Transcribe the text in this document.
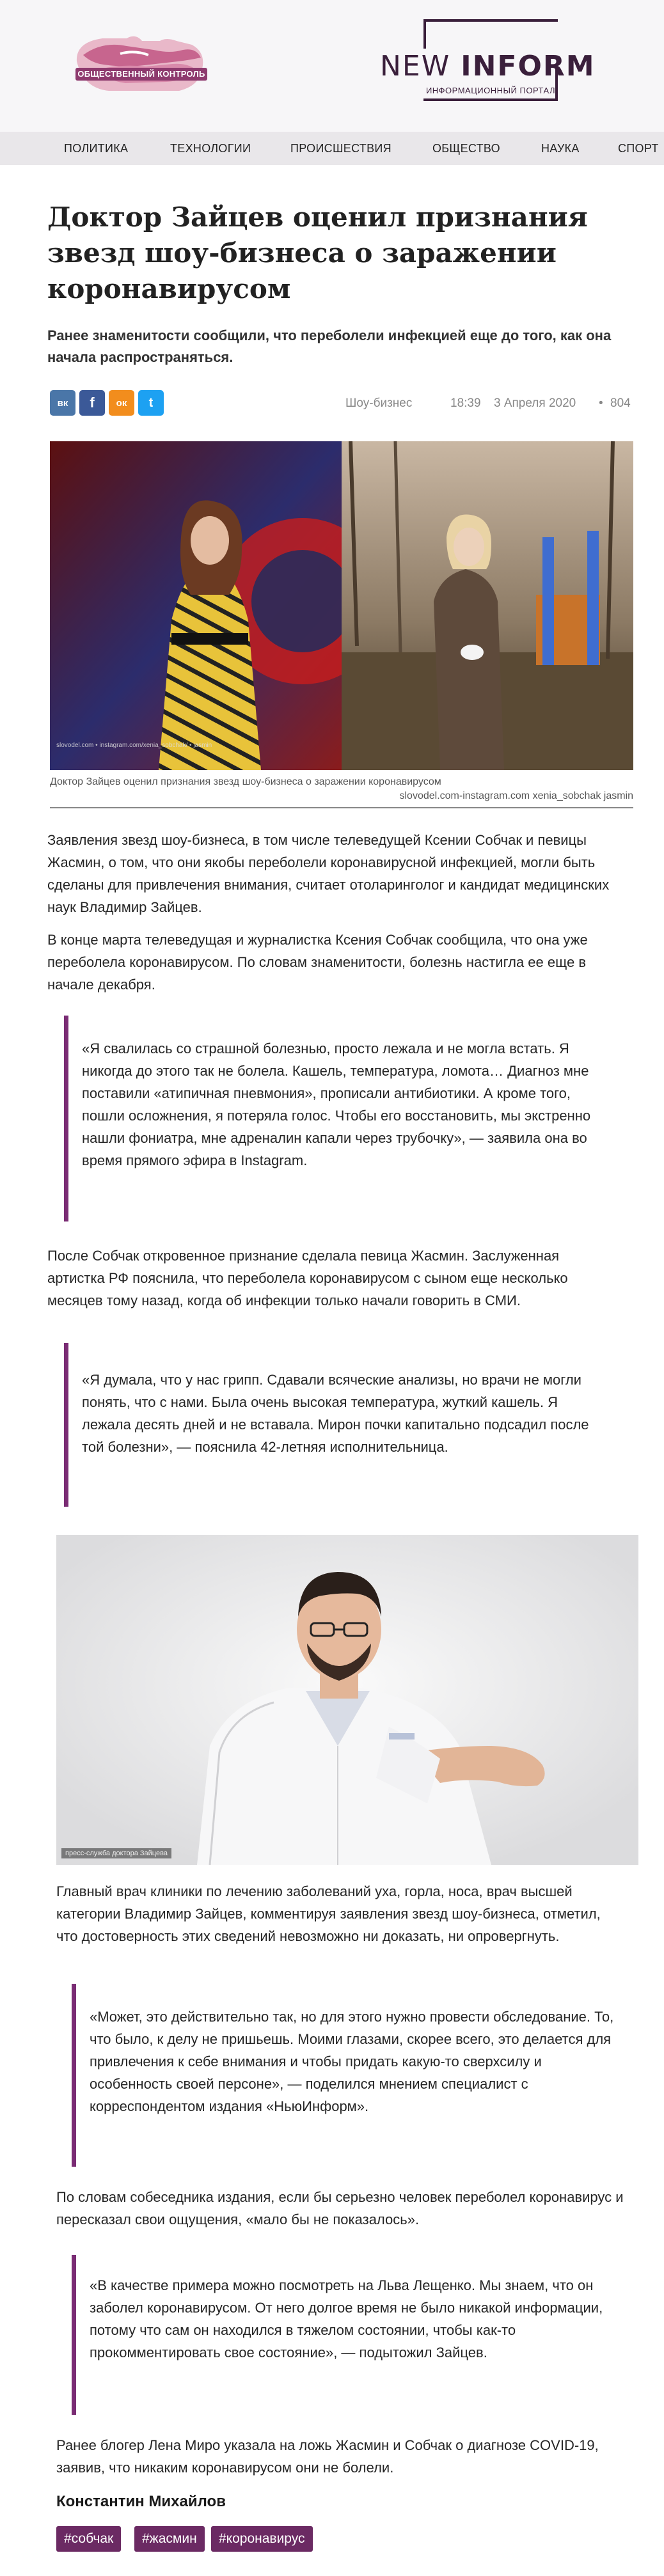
ОБЩЕСТВЕННЫЙ КОНТРОЛЬ	NEW INFORM
ИНФОРМАЦИОННЫЙ ПОРТАЛ
ПОЛИТИКА	ТЕХНОЛОГИИ	ПРОИСШЕСТВИЯ	ОБЩЕСТВО	НАУКА	СПОРТ
Доктор Зайцев оценил признания звезд шоу-бизнеса о заражении коронавирусом

Ранее знаменитости сообщили, что переболели инфекцией еще до того, как она начала распространяться.

вк f ок t	Шоу-бизнес	18:39 3 Апреля 2020 • 804
slovodel.com • instagram.com/xenia_sobchak/ • jasmin
Доктор Зайцев оценил признания звезд шоу-бизнеса о заражении коронавирусом
slovodel.com-instagram.com xenia_sobchak jasmin

Заявления звезд шоу-бизнеса, в том числе телеведущей Ксении Собчак и певицы Жасмин, о том, что они якобы переболели коронавирусной инфекцией, могли быть сделаны для привлечения внимания, считает отоларинголог и кандидат медицинских наук Владимир Зайцев.

В конце марта телеведущая и журналистка Ксения Собчак сообщила, что она уже переболела коронавирусом. По словам знаменитости, болезнь настигла ее еще в начале декабря.

«Я свалилась со страшной болезнью, просто лежала и не могла встать. Я никогда до этого так не болела. Кашель, температура, ломота… Диагноз мне поставили «атипичная пневмония», прописали антибиотики. А кроме того, пошли осложнения, я потеряла голос. Чтобы его восстановить, мы экстренно нашли фониатра, мне адреналин капали через трубочку», — заявила она во время прямого эфира в Instagram.

После Собчак откровенное признание сделала певица Жасмин. Заслуженная артистка РФ пояснила, что переболела коронавирусом с сыном еще несколько месяцев тому назад, когда об инфекции только начали говорить в СМИ.

«Я думала, что у нас грипп. Сдавали всяческие анализы, но врачи не могли понять, что с нами. Была очень высокая температура, жуткий кашель. Я лежала десять дней и не вставала. Мирон почки капитально подсадил после той болезни», — пояснила 42-летняя исполнительница.

пресс-служба доктора Зайцева

Главный врач клиники по лечению заболеваний уха, горла, носа, врач высшей категории Владимир Зайцев, комментируя заявления звезд шоу-бизнеса, отметил, что достоверность этих сведений невозможно ни доказать, ни опровергнуть.

«Может, это действительно так, но для этого нужно провести обследование. То, что было, к делу не пришьешь. Моими глазами, скорее всего, это делается для привлечения к себе внимания и чтобы придать какую-то сверхсилу и особенность своей персоне», — поделился мнением специалист с корреспондентом издания «НьюИнформ».

По словам собеседника издания, если бы серьезно человек переболел коронавирус и пересказал свои ощущения, «мало бы не показалось».

«В качестве примера можно посмотреть на Льва Лещенко. Мы знаем, что он заболел коронавирусом. От него долгое время не было никакой информации, потому что сам он находился в тяжелом состоянии, чтобы как-то прокомментировать свое состояние», — подытожил Зайцев.

Ранее блогер Лена Миро указала на ложь Жасмин и Собчак о диагнозе COVID-19, заявив, что никаким коронавирусом они не болели.

Константин Михайлов
#собчак	#жасмин	#коронавирус
